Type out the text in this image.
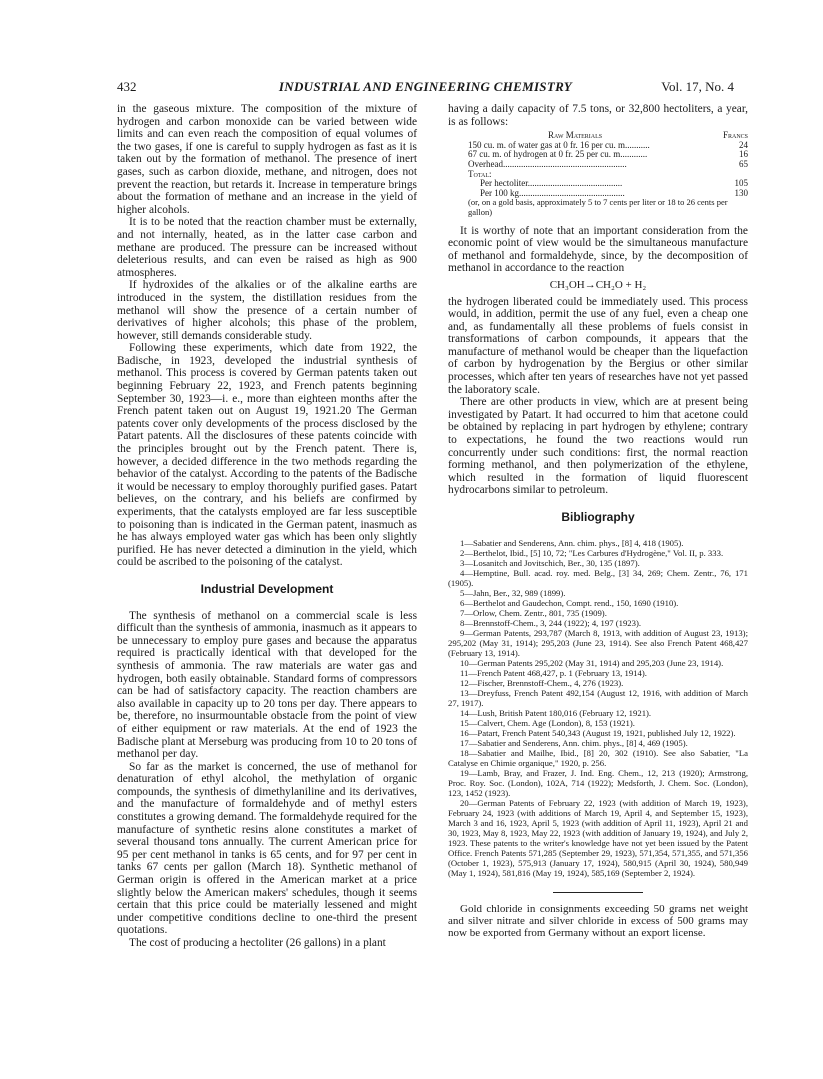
432	INDUSTRIAL AND ENGINEERING CHEMISTRY	Vol. 17, No. 4

in the gaseous mixture. The composition of the mixture of hydrogen and carbon monoxide can be varied between wide limits and can even reach the composition of equal volumes of the two gases, if one is careful to supply hydrogen as fast as it is taken out by the formation of methanol. The presence of inert gases, such as carbon dioxide, methane, and nitrogen, does not prevent the reaction, but retards it. Increase in temperature brings about the formation of methane and an increase in the yield of higher alcohols.

It is to be noted that the reaction chamber must be externally, and not internally, heated, as in the latter case carbon and methane are produced. The pressure can be increased without deleterious results, and can even be raised as high as 900 atmospheres.

If hydroxides of the alkalies or of the alkaline earths are introduced in the system, the distillation residues from the methanol will show the presence of a certain number of derivatives of higher alcohols; this phase of the problem, however, still demands considerable study.

Following these experiments, which date from 1922, the Badische, in 1923, developed the industrial synthesis of methanol. This process is covered by German patents taken out beginning February 22, 1923, and French patents beginning September 30, 1923—i. e., more than eighteen months after the French patent taken out on August 19, 1921.20 The German patents cover only developments of the process disclosed by the Patart patents. All the disclosures of these patents coincide with the principles brought out by the French patent. There is, however, a decided difference in the two methods regarding the behavior of the catalyst. According to the patents of the Badische it would be necessary to employ thoroughly purified gases. Patart believes, on the contrary, and his beliefs are confirmed by experiments, that the catalysts employed are far less susceptible to poisoning than is indicated in the German patent, inasmuch as he has always employed water gas which has been only slightly purified. He has never detected a diminution in the yield, which could be ascribed to the poisoning of the catalyst.

Industrial Development

The synthesis of methanol on a commercial scale is less difficult than the synthesis of ammonia, inasmuch as it appears to be unnecessary to employ pure gases and because the apparatus required is practically identical with that developed for the synthesis of ammonia. The raw materials are water gas and hydrogen, both easily obtainable. Standard forms of compressors can be had of satisfactory capacity. The reaction chambers are also available in capacity up to 20 tons per day. There appears to be, therefore, no insurmountable obstacle from the point of view of either equipment or raw materials. At the end of 1923 the Badische plant at Merseburg was producing from 10 to 20 tons of methanol per day.

So far as the market is concerned, the use of methanol for denaturation of ethyl alcohol, the methylation of organic compounds, the synthesis of dimethylaniline and its derivatives, and the manufacture of formaldehyde and of methyl esters constitutes a growing demand. The formaldehyde required for the manufacture of synthetic resins alone constitutes a market of several thousand tons annually. The current American price for 95 per cent methanol in tanks is 65 cents, and for 97 per cent in tanks 67 cents per gallon (March 18). Synthetic methanol of German origin is offered in the American market at a price slightly below the American makers' schedules, though it seems certain that this price could be materially lessened and might under competitive conditions decline to one-third the present quotations.

The cost of producing a hectoliter (26 gallons) in a plant

having a daily capacity of 7.5 tons, or 32,800 hectoliters, a year, is as follows:

Raw Materials	Francs
150 cu. m. of water gas at 0 fr. 16 per cu. m...........	24
67 cu. m. of hydrogen at 0 fr. 25 per cu. m............	16
Overhead.......................................................	65
Total:
Per hectoliter..........................................	105
Per 100 kg...............................................	130
(or, on a gold basis, approximately 5 to 7 cents per liter or 18 to 26 cents per gallon)

It is worthy of note that an important consideration from the economic point of view would be the simultaneous manufacture of methanol and formaldehyde, since, by the decomposition of methanol in accordance to the reaction

CH₃OH→CH₂O + H₂

the hydrogen liberated could be immediately used. This process would, in addition, permit the use of any fuel, even a cheap one and, as fundamentally all these problems of fuels consist in transformations of carbon compounds, it appears that the manufacture of methanol would be cheaper than the liquefaction of carbon by hydrogenation by the Bergius or other similar processes, which after ten years of researches have not yet passed the laboratory scale.

There are other products in view, which are at present being investigated by Patart. It had occurred to him that acetone could be obtained by replacing in part hydrogen by ethylene; contrary to expectations, he found the two reactions would run concurrently under such conditions: first, the normal reaction forming methanol, and then polymerization of the ethylene, which resulted in the formation of liquid fluorescent hydrocarbons similar to petroleum.

Bibliography

1—Sabatier and Senderens, Ann. chim. phys., [8] 4, 418 (1905).

2—Berthelot, Ibid., [5] 10, 72; "Les Carbures d'Hydrogène," Vol. II, p. 333.

3—Losanitch and Jovitschich, Ber., 30, 135 (1897).

4—Hemptine, Bull. acad. roy. med. Belg., [3] 34, 269; Chem. Zentr., 76, 171 (1905).

5—Jahn, Ber., 32, 989 (1899).

6—Berthelot and Gaudechon, Compt. rend., 150, 1690 (1910).

7—Orlow, Chem. Zentr., 801, 735 (1909).

8—Brennstoff-Chem., 3, 244 (1922); 4, 197 (1923).

9—German Patents, 293,787 (March 8, 1913, with addition of August 23, 1913); 295,202 (May 31, 1914); 295,203 (June 23, 1914). See also French Patent 468,427 (February 13, 1914).

10—German Patents 295,202 (May 31, 1914) and 295,203 (June 23, 1914).

11—French Patent 468,427, p. 1 (February 13, 1914).

12—Fischer, Brennstoff-Chem., 4, 276 (1923).

13—Dreyfuss, French Patent 492,154 (August 12, 1916, with addition of March 27, 1917).

14—Lush, British Patent 180,016 (February 12, 1921).

15—Calvert, Chem. Age (London), 8, 153 (1921).

16—Patart, French Patent 540,343 (August 19, 1921, published July 12, 1922).

17—Sabatier and Senderens, Ann. chim. phys., [8] 4, 469 (1905).

18—Sabatier and Mailhe, Ibid., [8] 20, 302 (1910). See also Sabatier, "La Catalyse en Chimie organique," 1920, p. 256.

19—Lamb, Bray, and Frazer, J. Ind. Eng. Chem., 12, 213 (1920); Armstrong, Proc. Roy. Soc. (London), 102A, 714 (1922); Medsforth, J. Chem. Soc. (London), 123, 1452 (1923).

20—German Patents of February 22, 1923 (with addition of March 19, 1923), February 24, 1923 (with additions of March 19, April 4, and September 15, 1923), March 3 and 16, 1923, April 5, 1923 (with addition of April 11, 1923), April 21 and 30, 1923, May 8, 1923, May 22, 1923 (with addition of January 19, 1924), and July 2, 1923. These patents to the writer's knowledge have not yet been issued by the Patent Office. French Patents 571,285 (September 29, 1923), 571,354, 571,355, and 571,356 (October 1, 1923), 575,913 (January 17, 1924), 580,915 (April 30, 1924), 580,949 (May 1, 1924), 581,816 (May 19, 1924), 585,169 (September 2, 1924).

Gold chloride in consignments exceeding 50 grams net weight and silver nitrate and silver chloride in excess of 500 grams may now be exported from Germany without an export license.
